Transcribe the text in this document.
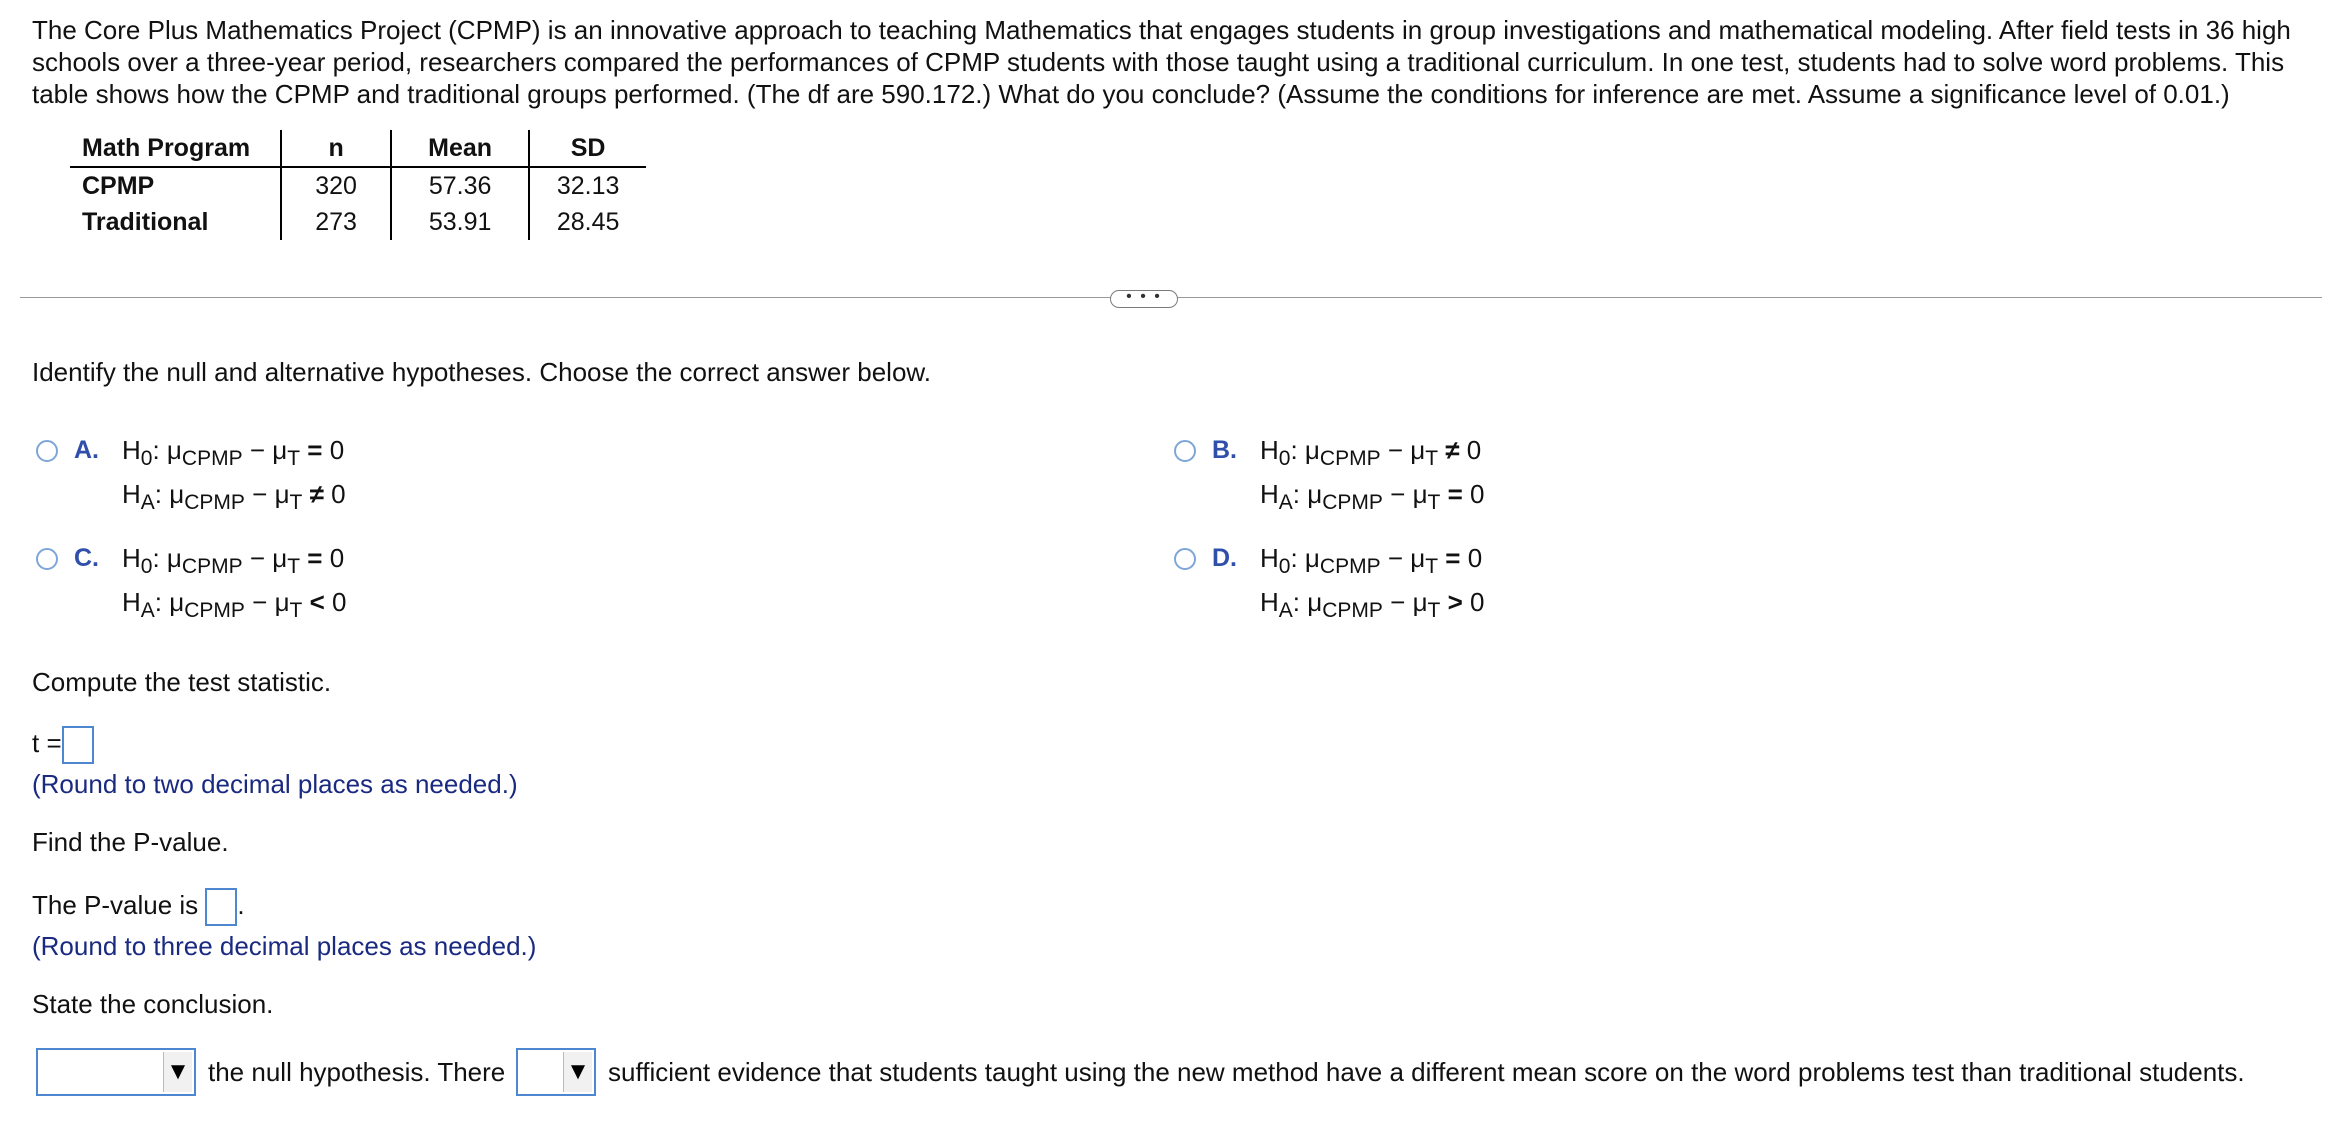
The Core Plus Mathematics Project (CPMP) is an innovative approach to teaching Mathematics that engages students in group investigations and mathematical modeling. After field tests in 36 high schools over a three-year period, researchers compared the performances of CPMP students with those taught using a traditional curriculum. In one test, students had to solve word problems. This table shows how the CPMP and traditional groups performed. (The df are 590.172.) What do you conclude? (Assume the conditions for inference are met. Assume a significance level of 0.01.)
Math Program	n	Mean	SD
CPMP	320	57.36	32.13
Traditional	273	53.91	28.45
• • •
Identify the null and alternative hypotheses. Choose the correct answer below.
A. $H_0$: $\mu_{CPMP} - \mu_T = 0$
$H_A$: $\mu_{CPMP} - \mu_T \ne 0$
B. $H_0$: $\mu_{CPMP} - \mu_T \ne 0$
$H_A$: $\mu_{CPMP} - \mu_T = 0$
C. $H_0$: $\mu_{CPMP} - \mu_T = 0$
$H_A$: $\mu_{CPMP} - \mu_T < 0$
D. $H_0$: $\mu_{CPMP} - \mu_T = 0$
$H_A$: $\mu_{CPMP} - \mu_T > 0$
Compute the test statistic.
t =
(Round to two decimal places as needed.)
Find the P-value.
The P-value is .
(Round to three decimal places as needed.)
State the conclusion.
▼ the null hypothesis. There	▼ sufficient evidence that students taught using the new method have a different mean score on the word problems test than traditional students.
